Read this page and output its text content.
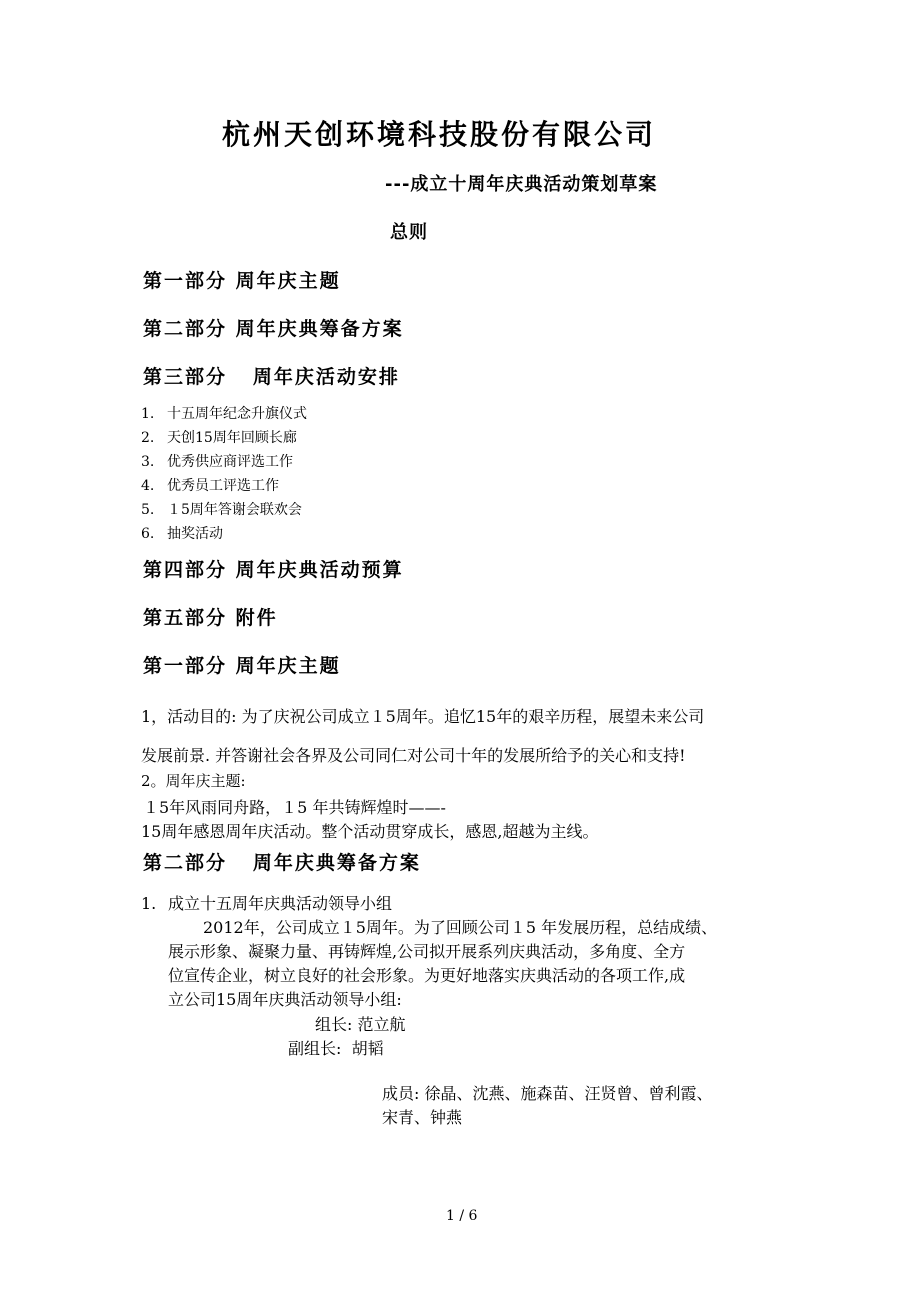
杭州天创环境科技股份有限公司
---成立十周年庆典活动策划草案
总则
第一部分 周年庆主题
第二部分 周年庆典筹备方案
第三部分   周年庆活动安排
1. 十五周年纪念升旗仪式
2. 天创15周年回顾长廊
3. 优秀供应商评选工作
4. 优秀员工评选工作
5. １5周年答谢会联欢会
6. 抽奖活动
第四部分 周年庆典活动预算
第五部分 附件
第一部分 周年庆主题
1，活动目的: 为了庆祝公司成立１5周年。追忆15年的艰辛历程，展望未来公司
发展前景. 并答谢社会各界及公司同仁对公司十年的发展所给予的关心和支持!
2。周年庆主题:
１5年风雨同舟路，１5 年共铸辉煌时——-
15周年感恩周年庆活动。整个活动贯穿成长，感恩,超越为主线。
第二部分   周年庆典筹备方案
1. 成立十五周年庆典活动领导小组
2012年，公司成立１5周年。为了回顾公司１5 年发展历程，总结成绩、
展示形象、凝聚力量、再铸辉煌,公司拟开展系列庆典活动，多角度、全方
位宣传企业，树立良好的社会形象。为更好地落实庆典活动的各项工作,成
立公司15周年庆典活动领导小组:
组长: 范立航
副组长:  胡韬
成员: 徐晶、沈燕、施森苗、汪贤曾、曾利霞、
宋青、钟燕
1 / 6
